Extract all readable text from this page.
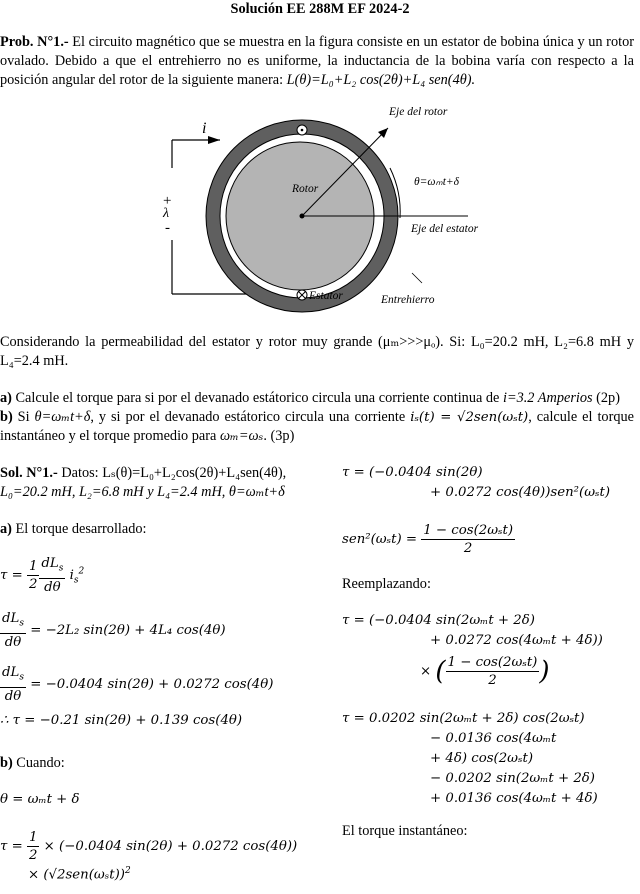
Solución EE 288M EF 2024-2
Prob. N°1.- El circuito magnético que se muestra en la figura consiste en un estator de bobina única y un rotor ovalado. Debido a que el entrehierro no es uniforme, la inductancia de la bobina varía con respecto a la posición angular del rotor de la siguiente manera: L(θ)=L₀+L₂ cos(2θ)+L₄ sen(4θ).
i
+
λ
-
Rotor
Eje del rotor
θ=ωₘt+δ
Eje del estator
Estator	Entrehierro
Considerando la permeabilidad del estator y rotor muy grande (μₘ>>>μₒ). Si: L₀=20.2 mH, L₂=6.8 mH y L₄=2.4 mH.
a) Calcule el torque para si por el devanado estátorico circula una corriente continua de i=3.2 Amperios (2p)
b) Si θ=ωₘt+δ, y si por el devanado estátorico circula una corriente iₛ(t) = √2sen(ωₛt), calcule el torque instantáneo y el torque promedio para ωₘ=ωₛ. (3p)
Sol. N°1.- Datos: Lₛ(θ)=L₀+L₂cos(2θ)+L₄sen(4θ),
L₀=20.2 mH, L₂=6.8 mH y L₄=2.4 mH, θ=ωₘt+δ
a) El torque desarrollado:
$\tau = \frac{1}{2} \frac{dL_s}{d\theta} i_s^2$
$\frac{dL_s}{d\theta} = -2L_2$ sin(2θ) + 4L₄ cos(4θ)
$\frac{dL_s}{d\theta} = -0.0404$ sin(2θ) + 0.0272 cos(4θ)
∴ τ = −0.21 sin(2θ) + 0.139 cos(4θ)
b) Cuando:
θ = ωₘt + δ
$\tau = \frac{1}{2} \times (-0.0404$ sin(2θ) + 0.0272 cos(4θ))
× $(√2sen(\omega_st))^2$
τ = (−0.0404 sin(2θ)
+ 0.0272 cos(4θ))sen²(ωₛt)
$sen^2(\omega_st) = \frac{\text{1 − cos(2ωₛt)}}{2}$
Reemplazando:
τ = (−0.0404 sin(2ωₘt + 2δ)
+ 0.0272 cos(4ωₘt + 4δ))
× ( $\frac{\text{1 − cos(2ωₛt)}}{2}$ )
τ = 0.0202 sin(2ωₘt + 2δ) cos(2ωₛt)
− 0.0136 cos(4ωₘt
+ 4δ) cos(2ωₛt)
− 0.0202 sin(2ωₘt + 2δ)
+ 0.0136 cos(4ωₘt + 4δ)
El torque instantáneo:
